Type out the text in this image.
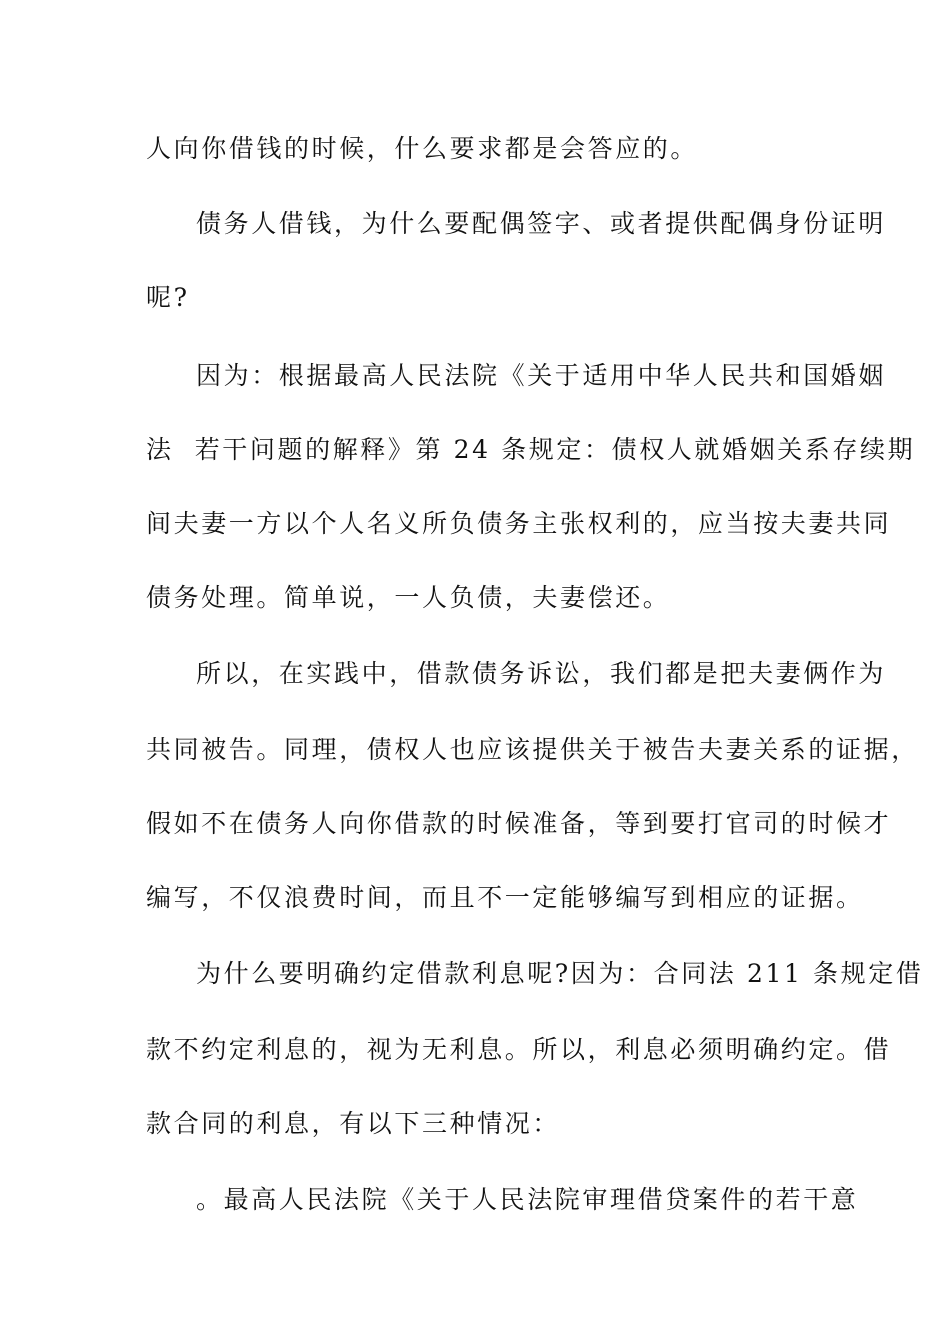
人向你借钱的时候，什么要求都是会答应的。
债务人借钱，为什么要配偶签字、或者提供配偶身份证明
呢?
因为：根据最高人民法院《关于适用中华人民共和国婚姻
法  若干问题的解释》第 24 条规定：债权人就婚姻关系存续期
间夫妻一方以个人名义所负债务主张权利的，应当按夫妻共同
债务处理。简单说，一人负债，夫妻偿还。
所以，在实践中，借款债务诉讼，我们都是把夫妻俩作为
共同被告。同理，债权人也应该提供关于被告夫妻关系的证据，
假如不在债务人向你借款的时候准备，等到要打官司的时候才
编写，不仅浪费时间，而且不一定能够编写到相应的证据。
为什么要明确约定借款利息呢?因为：合同法 211 条规定借
款不约定利息的，视为无利息。所以，利息必须明确约定。借
款合同的利息，有以下三种情况：
。最高人民法院《关于人民法院审理借贷案件的若干意
